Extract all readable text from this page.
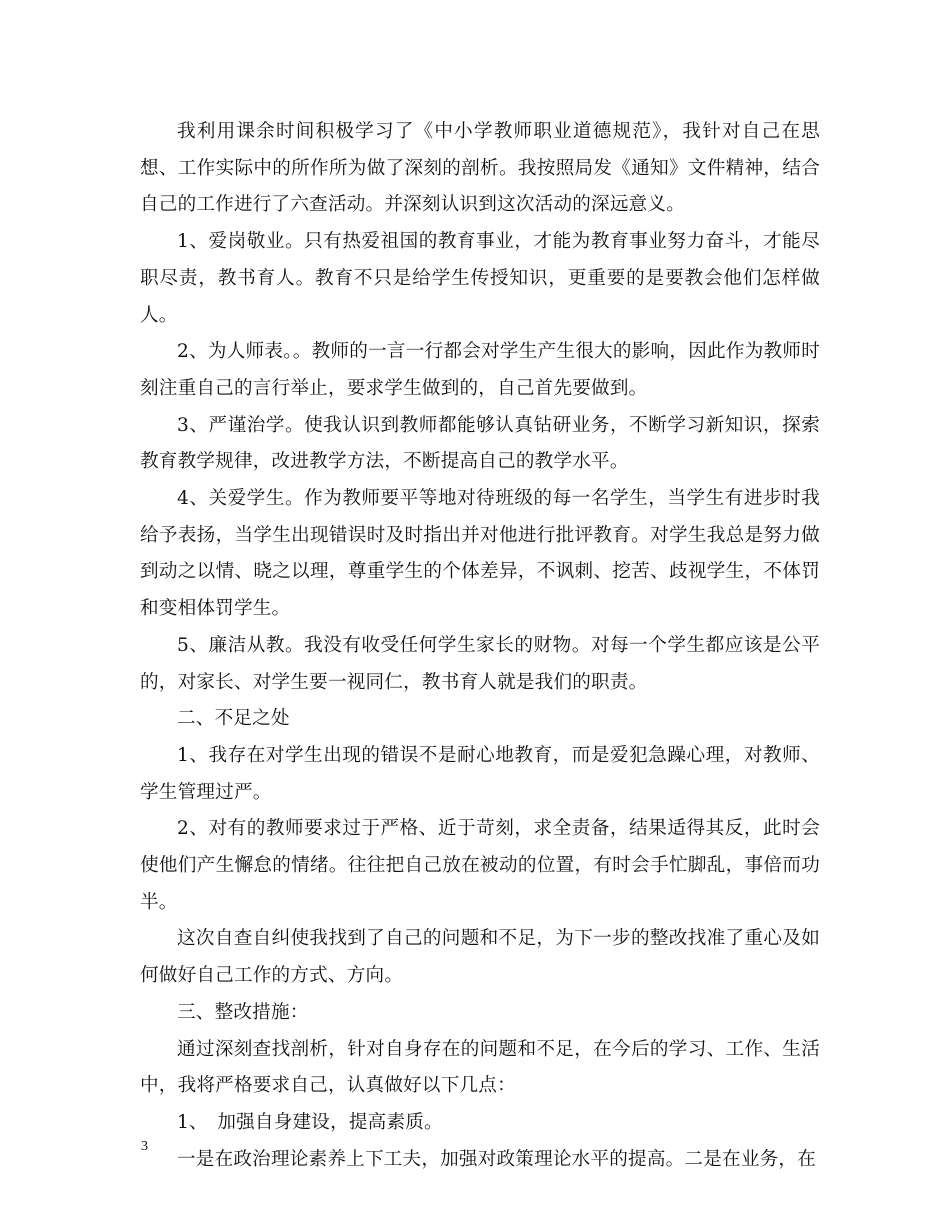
我利用课余时间积极学习了《中小学教师职业道德规范》，我针对自己在思想、工作实际中的所作所为做了深刻的剖析。我按照局发《通知》文件精神，结合自己的工作进行了六查活动。并深刻认识到这次活动的深远意义。

1、爱岗敬业。只有热爱祖国的教育事业，才能为教育事业努力奋斗，才能尽职尽责，教书育人。教育不只是给学生传授知识，更重要的是要教会他们怎样做人。

2、为人师表。。教师的一言一行都会对学生产生很大的影响，因此作为教师时刻注重自己的言行举止，要求学生做到的，自己首先要做到。

3、严谨治学。使我认识到教师都能够认真钻研业务，不断学习新知识，探索教育教学规律，改进教学方法，不断提高自己的教学水平。

4、关爱学生。作为教师要平等地对待班级的每一名学生，当学生有进步时我给予表扬，当学生出现错误时及时指出并对他进行批评教育。对学生我总是努力做到动之以情、晓之以理，尊重学生的个体差异，不讽刺、挖苦、歧视学生，不体罚和变相体罚学生。

5、廉洁从教。我没有收受任何学生家长的财物。对每一个学生都应该是公平的，对家长、对学生要一视同仁，教书育人就是我们的职责。

二、不足之处

1、我存在对学生出现的错误不是耐心地教育，而是爱犯急躁心理，对教师、学生管理过严。

2、对有的教师要求过于严格、近于苛刻，求全责备，结果适得其反，此时会使他们产生懈怠的情绪。往往把自己放在被动的位置，有时会手忙脚乱，事倍而功半。

这次自查自纠使我找到了自己的问题和不足，为下一步的整改找准了重心及如何做好自己工作的方式、方向。

三、整改措施：

通过深刻查找剖析，针对自身存在的问题和不足，在今后的学习、工作、生活中，我将严格要求自己，认真做好以下几点：

1、　加强自身建设，提高素质。

一是在政治理论素养上下工夫，加强对政策理论水平的提高。二是在业务，在

3
